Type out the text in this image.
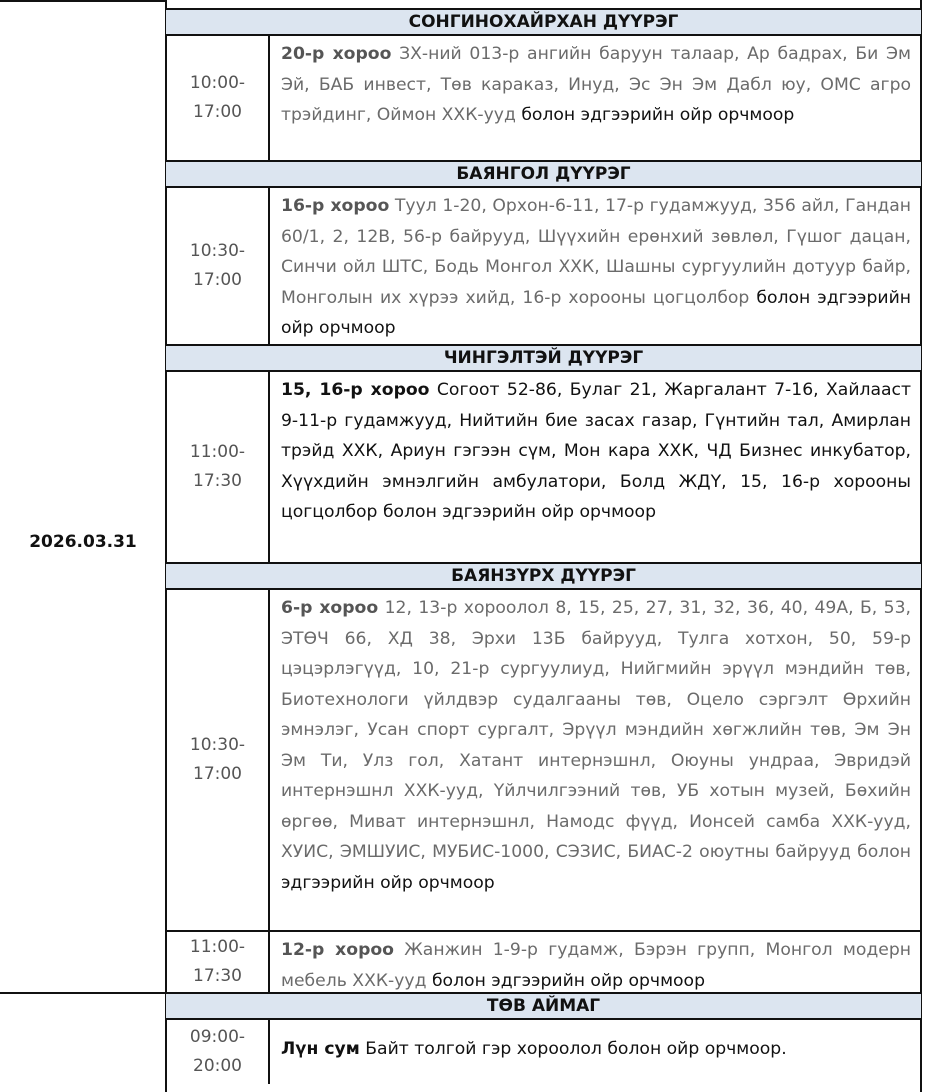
2026.03.31
СОНГИНОХАЙРХАН ДҮҮРЭГ
10:00-
17:00
20-р хороо ЗХ-ний 013-р ангийн баруун талаар, Ар бадрах, Би Эм Эй, БАБ инвест, Төв караказ, Инуд, Эс Эн Эм Дабл юу, ОМС агро трэйдинг, Оймон ХХК-ууд болон эдгээрийн ойр орчмоор
БАЯНГОЛ ДҮҮРЭГ
10:30-
17:00
16-р хороо Туул 1-20, Орхон-6-11, 17-р гудамжууд, 356 айл, Гандан 60/1, 2, 12В, 56-р байрууд, Шүүхийн ерөнхий зөвлөл, Гүшог дацан, Синчи ойл ШТС, Бодь Монгол ХХК, Шашны сургуулийн дотуур байр, Монголын их хүрээ хийд, 16-р хорооны цогцолбор болон эдгээрийн ойр орчмоор
ЧИНГЭЛТЭЙ ДҮҮРЭГ
11:00-
17:30
15, 16-р хороо Согоот 52-86, Булаг 21, Жаргалант 7-16, Хайлааст 9-11-р гудамжууд, Нийтийн бие засах газар, Гүнтийн тал, Амирлан трэйд ХХК, Ариун гэгээн сүм, Мон кара ХХК, ЧД Бизнес инкубатор, Хүүхдийн эмнэлгийн амбулатори, Болд ЖДҮ, 15, 16-р хорооны цогцолбор болон эдгээрийн ойр орчмоор
БАЯНЗҮРХ ДҮҮРЭГ
10:30-
17:00
6-р хороо 12, 13-р хороолол 8, 15, 25, 27, 31, 32, 36, 40, 49А, Б, 53, ЭТӨЧ 66, ХД 38, Эрхи 13Б байрууд, Тулга хотхон, 50, 59-р цэцэрлэгүүд, 10, 21-р сургуулиуд, Нийгмийн эрүүл мэндийн төв, Биотехнологи үйлдвэр судалгааны төв, Оцело сэргэлт Өрхийн эмнэлэг, Усан спорт сургалт, Эрүүл мэндийн хөгжлийн төв, Эм Эн Эм Ти, Улз гол, Хатант интернэшнл, Оюуны ундраа, Эвридэй интернэшнл ХХК-ууд, Үйлчилгээний төв, УБ хотын музей, Бөхийн өргөө, Миват интернэшнл, Намодс фүүд, Ионсей самба ХХК-ууд, ХУИС, ЭМШУИС, МУБИС-1000, СЭЗИС, БИАС-2 оюутны байрууд болон эдгээрийн ойр орчмоор
11:00-
17:30
12-р хороо Жанжин 1-9-р гудамж, Бэрэн групп, Монгол модерн мебель ХХК-ууд болон эдгээрийн ойр орчмоор
ТӨВ АЙМАГ
09:00-
20:00
Лүн сум Байт толгой гэр хороолол болон ойр орчмоор.
